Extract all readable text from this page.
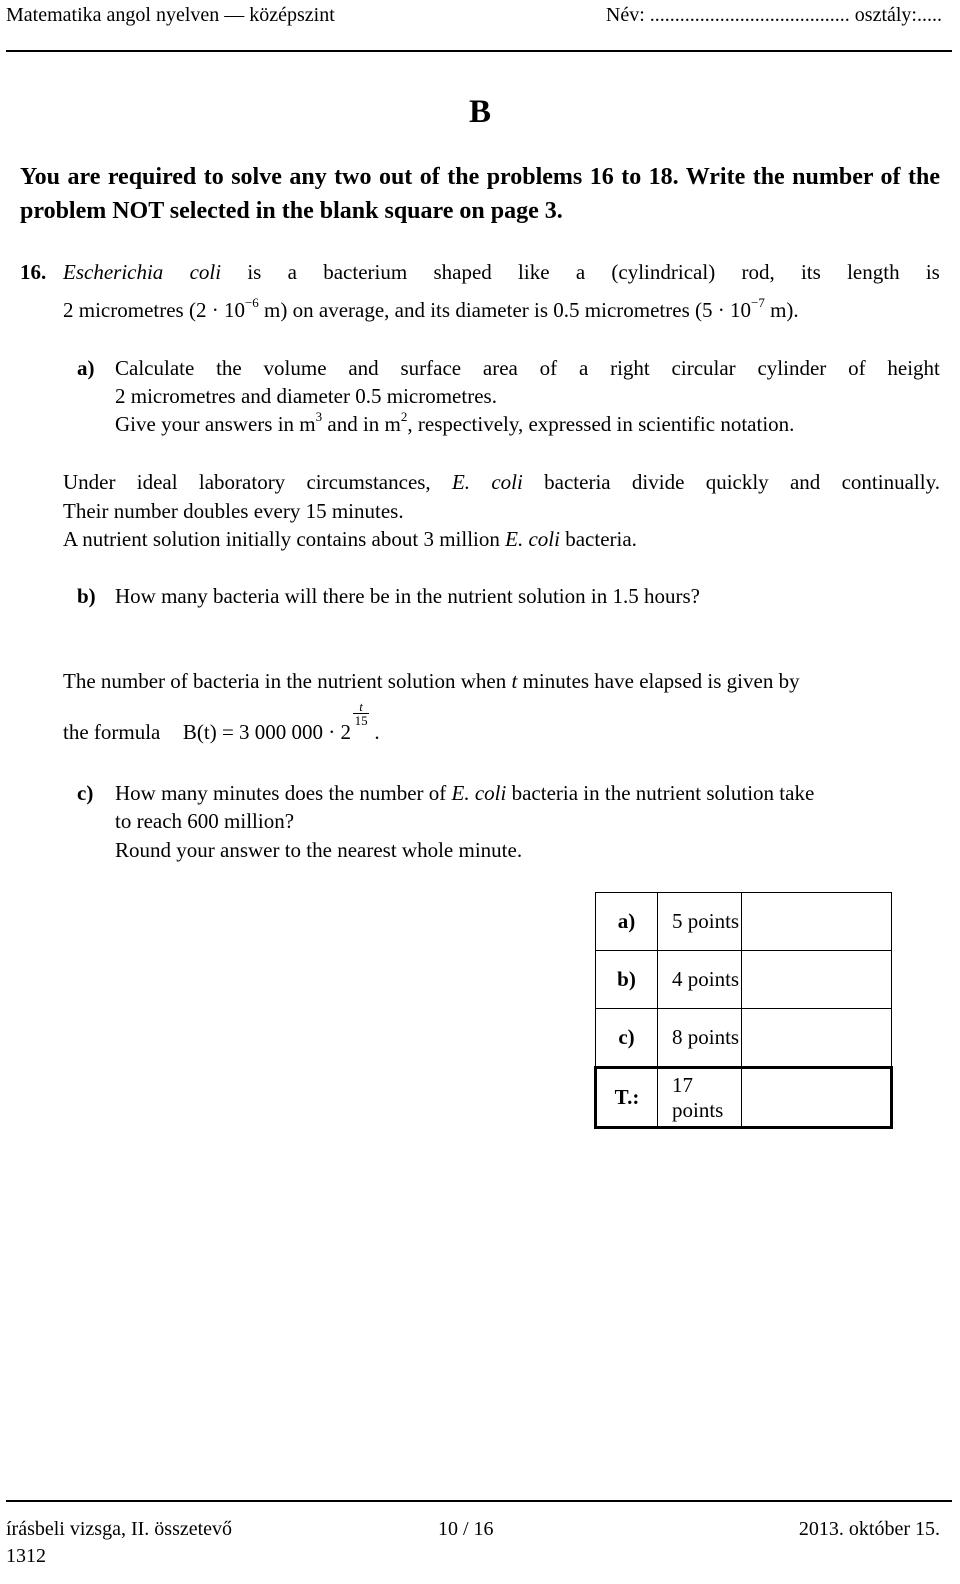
Matematika angol nyelven — középszint	Név: ........................................ osztály:.....
B
You are required to solve any two out of the problems 16 to 18. Write the number of the problem NOT selected in the blank square on page 3.
16. Escherichia coli is a bacterium shaped like a (cylindrical) rod, its length is
2 micrometres ($2 \cdot 10^{-6}$ m) on average, and its diameter is 0.5 micrometres ($5 \cdot 10^{-7}$ m).
a) Calculate the volume and surface area of a right circular cylinder of height
2 micrometres and diameter 0.5 micrometres.
Give your answers in $m^3$ and in $m^2$, respectively, expressed in scientific notation.
Under ideal laboratory circumstances, E. coli bacteria divide quickly and continually.
Their number doubles every 15 minutes.
A nutrient solution initially contains about 3 million E. coli bacteria.
b) How many bacteria will there be in the nutrient solution in 1.5 hours?
The number of bacteria in the nutrient solution when t minutes have elapsed is given by
the formula B(t) = 3 000 000 · 2
t
15 .
c) How many minutes does the number of E. coli bacteria in the nutrient solution take
to reach 600 million?
Round your answer to the nearest whole minute.
a)	5 points	
b)	4 points	
c)	8 points	
T.:	17 points	
írásbeli vizsga, II. összetevő	10 / 16	2013. október 15.
1312
